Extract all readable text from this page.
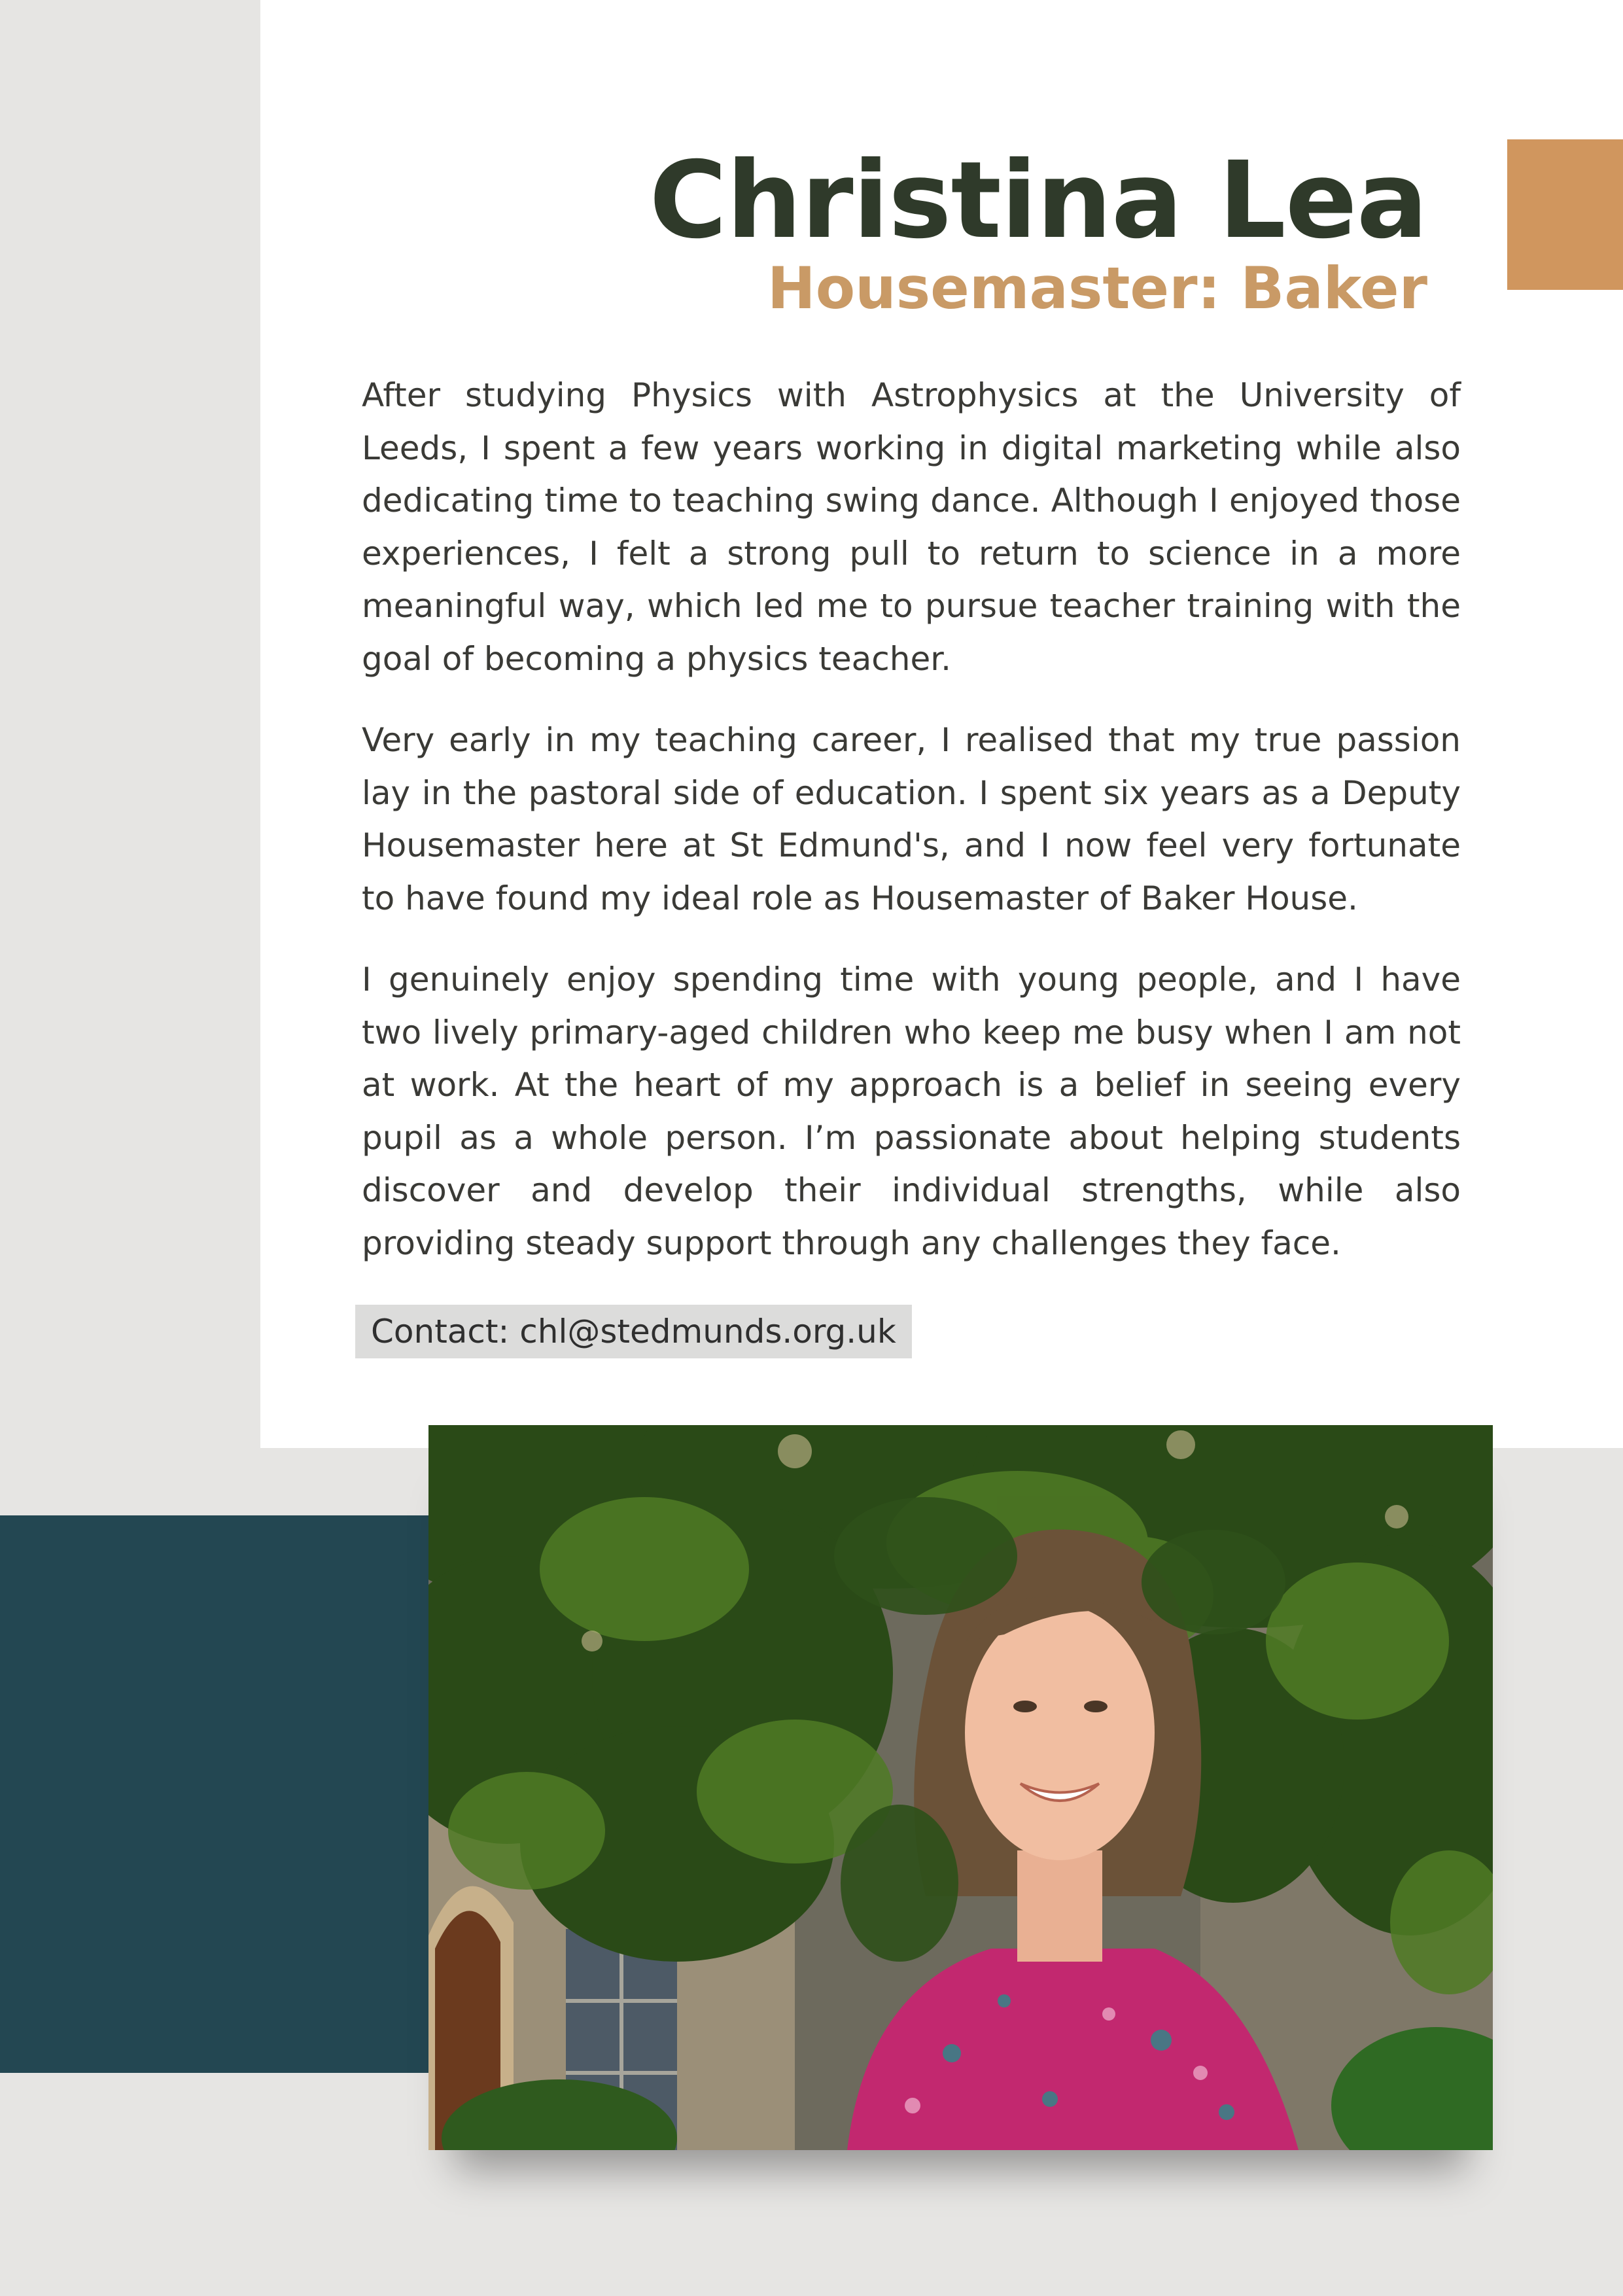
Christina Lea
Housemaster: Baker

After studying Physics with Astrophysics at the University of Leeds, I spent a few years working in digital marketing while also dedicating time to teaching swing dance. Although I enjoyed those experiences, I felt a strong pull to return to science in a more meaningful way, which led me to pursue teacher training with the goal of becoming a physics teacher.

Very early in my teaching career, I realised that my true passion lay in the pastoral side of education. I spent six years as a Deputy Housemaster here at St Edmund's, and I now feel very fortunate to have found my ideal role as Housemaster of Baker House.

I genuinely enjoy spending time with young people, and I have two lively primary-aged children who keep me busy when I am not at work. At the heart of my approach is a belief in seeing every pupil as a whole person. I’m passionate about helping students discover and develop their individual strengths, while also providing steady support through any challenges they face.

Contact: chl@stedmunds.org.uk
